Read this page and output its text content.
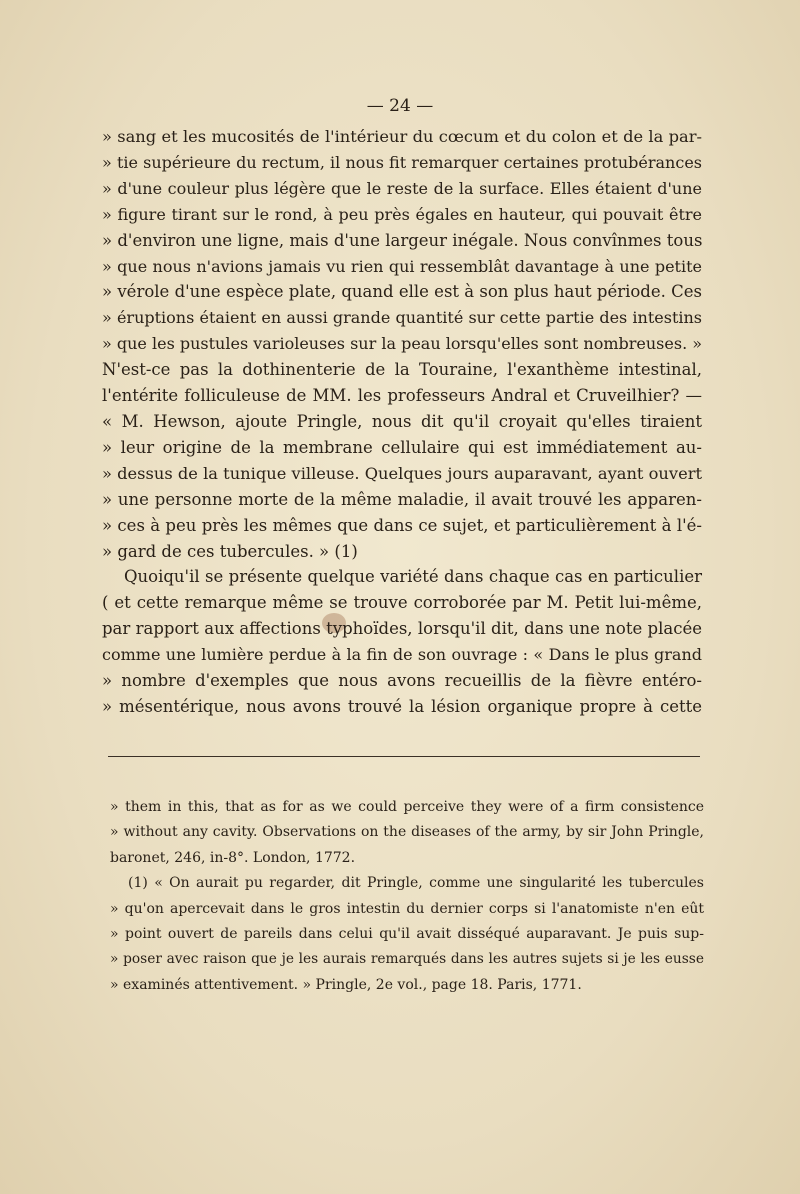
— 24 —
» sang et les mucosités de l'intérieur du cœcum et du colon et de la par-
» tie supérieure du rectum, il nous fit remarquer certaines protubérances
» d'une couleur plus légère que le reste de la surface. Elles étaient d'une
» figure tirant sur le rond, à peu près égales en hauteur, qui pouvait être
» d'environ une ligne, mais d'une largeur inégale. Nous convînmes tous
» que nous n'avions jamais vu rien qui ressemblât davantage à une petite
» vérole d'une espèce plate, quand elle est à son plus haut période. Ces
» éruptions étaient en aussi grande quantité sur cette partie des intestins
» que les pustules varioleuses sur la peau lorsqu'elles sont nombreuses. »
N'est-ce pas la dothinenterie de la Touraine, l'exanthème intestinal,
l'entérite folliculeuse de MM. les professeurs Andral et Cruveilhier? —
« M. Hewson, ajoute Pringle, nous dit qu'il croyait qu'elles tiraient
» leur origine de la membrane cellulaire qui est immédiatement au-
» dessus de la tunique villeuse. Quelques jours auparavant, ayant ouvert
» une personne morte de la même maladie, il avait trouvé les apparen-
» ces à peu près les mêmes que dans ce sujet, et particulièrement à l'é-
» gard de ces tubercules. » (1)
Quoiqu'il se présente quelque variété dans chaque cas en particulier
( et cette remarque même se trouve corroborée par M. Petit lui-même,
par rapport aux affections typhoïdes, lorsqu'il dit, dans une note placée
comme une lumière perdue à la fin de son ouvrage : « Dans le plus grand
» nombre d'exemples que nous avons recueillis de la fièvre entéro-
» mésentérique, nous avons trouvé la lésion organique propre à cette
» them in this, that as for as we could perceive they were of a firm consistence
» without any cavity. Observations on the diseases of the army, by sir John Pringle,
baronet, 246, in-8°. London, 1772.
(1) « On aurait pu regarder, dit Pringle, comme une singularité les tubercules
» qu'on apercevait dans le gros intestin du dernier corps si l'anatomiste n'en eût
» point ouvert de pareils dans celui qu'il avait disséqué auparavant. Je puis sup-
» poser avec raison que je les aurais remarqués dans les autres sujets si je les eusse
» examinés attentivement. » Pringle, 2e vol., page 18. Paris, 1771.
